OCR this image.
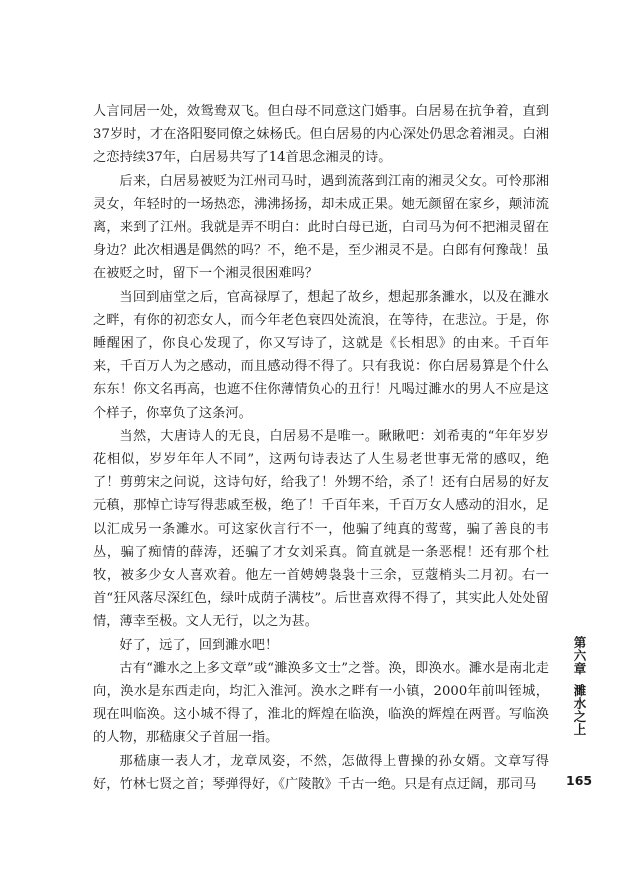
人言同居一处，效鸳鸯双飞。但白母不同意这门婚事。白居易在抗争着，直到37岁时，才在洛阳娶同僚之妹杨氏。但白居易的内心深处仍思念着湘灵。白湘之恋持续37年，白居易共写了14首思念湘灵的诗。

后来，白居易被贬为江州司马时，遇到流落到江南的湘灵父女。可怜那湘灵女，年轻时的一场热恋，沸沸扬扬，却未成正果。她无颜留在家乡，颠沛流离，来到了江州。我就是弄不明白：此时白母已逝，白司马为何不把湘灵留在身边？此次相遇是偶然的吗？不，绝不是，至少湘灵不是。白郎有何豫哉！虽在被贬之时，留下一个湘灵很困难吗？

当回到庙堂之后，官高禄厚了，想起了故乡，想起那条濉水，以及在濉水之畔，有你的初恋女人，而今年老色衰四处流浪，在等待，在悲泣。于是，你睡醒困了，你良心发现了，你又写诗了，这就是《长相思》的由来。千百年来，千百万人为之感动，而且感动得不得了。只有我说：你白居易算是个什么东东！你文名再高，也遮不住你薄情负心的丑行！凡喝过濉水的男人不应是这个样子，你辜负了这条河。

当然，大唐诗人的无良，白居易不是唯一。瞅瞅吧：刘希夷的“年年岁岁花相似，岁岁年年人不同”，这两句诗表达了人生易老世事无常的感叹，绝了！剪剪宋之问说，这诗句好，给我了！外甥不给，杀了！还有白居易的好友元稹，那悼亡诗写得悲戚至极，绝了！千百年来，千百万女人感动的泪水，足以汇成另一条濉水。可这家伙言行不一，他骗了纯真的莺莺，骗了善良的韦丛，骗了痴情的薛涛，还骗了才女刘采真。简直就是一条恶棍！还有那个杜牧，被多少女人喜欢着。他左一首娉娉袅袅十三余，豆蔻梢头二月初。右一首“狂风落尽深红色，绿叶成荫子满枝”。后世喜欢得不得了，其实此人处处留情，薄幸至极。文人无行，以之为甚。

好了，远了，回到濉水吧！

古有“濉水之上多文章”或“濉涣多文士”之誉。涣，即涣水。濉水是南北走向，涣水是东西走向，均汇入淮河。涣水之畔有一小镇，2000年前叫铚城，现在叫临涣。这小城不得了，淮北的辉煌在临涣，临涣的辉煌在两晋。写临涣的人物，那嵇康父子首屈一指。

那嵇康一表人才，龙章凤姿，不然，怎做得上曹操的孙女婿。文章写得好，竹林七贤之首；琴弹得好，《广陵散》千古一绝。只是有点迂阔，那司马

第六章濉水之上
165
